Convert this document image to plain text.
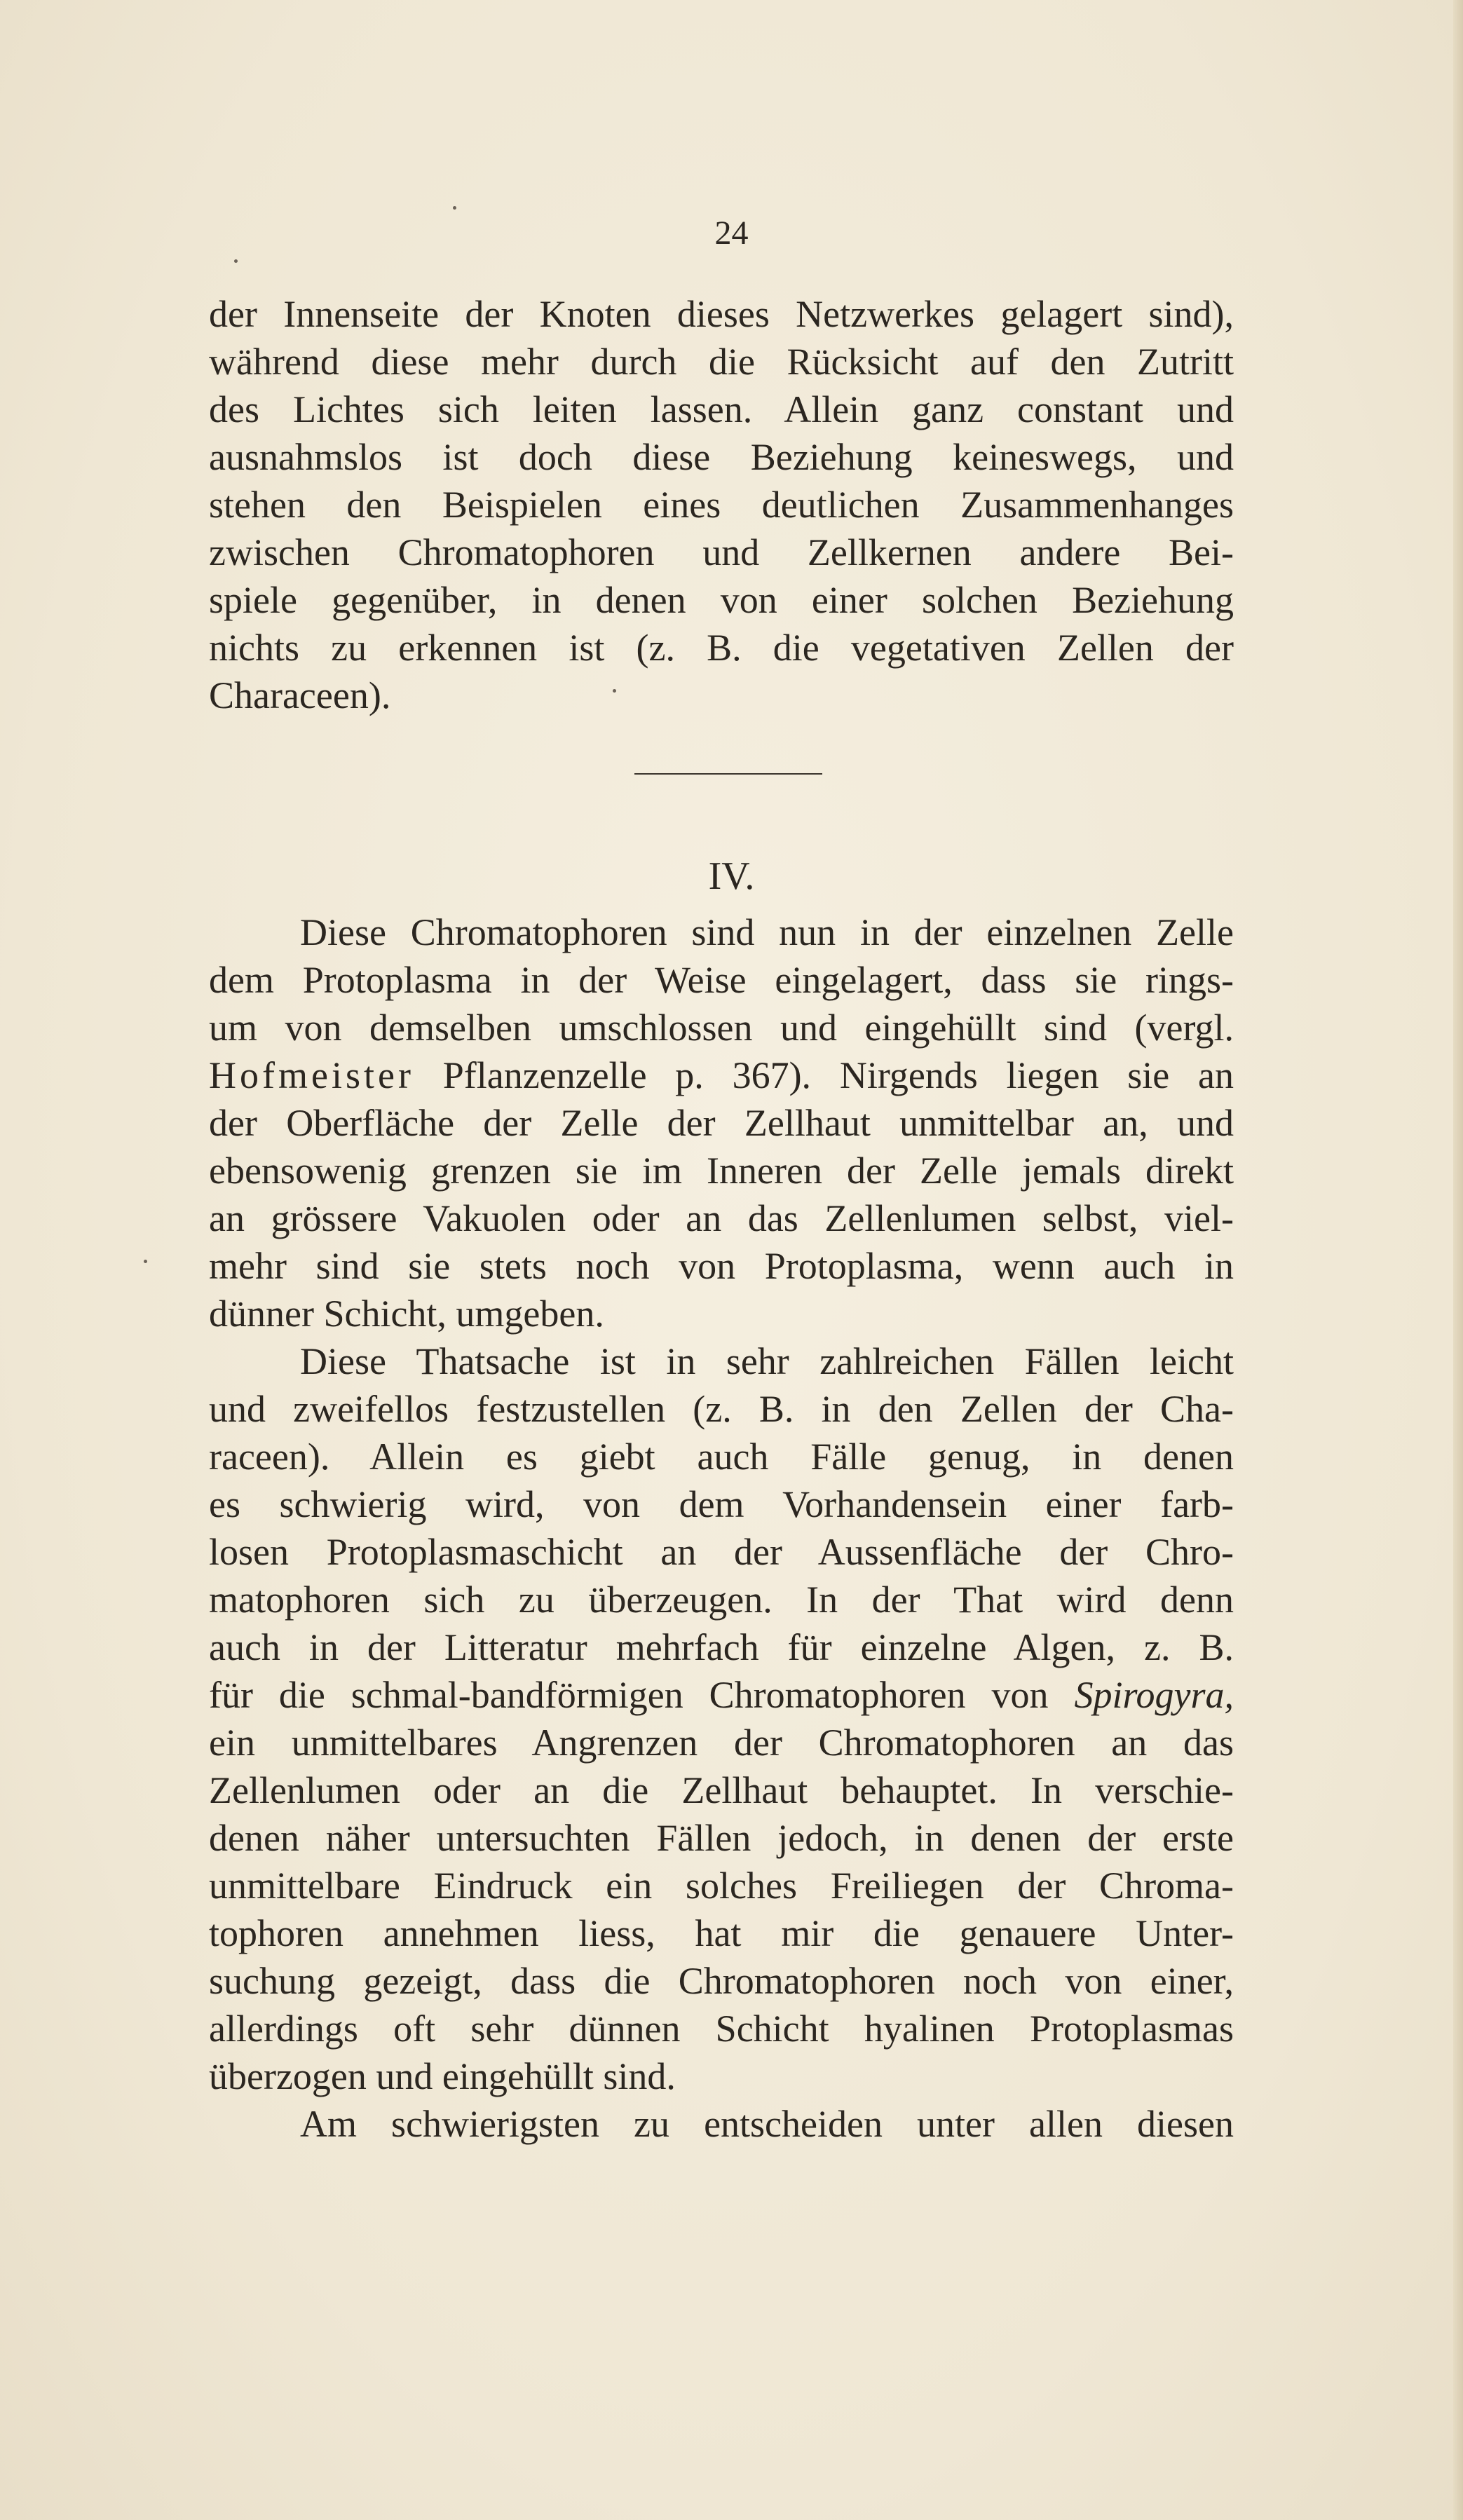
24
der Innenseite der Knoten dieses Netzwerkes gelagert sind),
während diese mehr durch die Rücksicht auf den Zutritt
des Lichtes sich leiten lassen. Allein ganz constant und
ausnahmslos ist doch diese Beziehung keineswegs, und
stehen den Beispielen eines deutlichen Zusammenhanges
zwischen Chromatophoren und Zellkernen andere Bei-
spiele gegenüber, in denen von einer solchen Beziehung
nichts zu erkennen ist (z. B. die vegetativen Zellen der
Characeen).
IV.
Diese Chromatophoren sind nun in der einzelnen Zelle
dem Protoplasma in der Weise eingelagert, dass sie rings-
um von demselben umschlossen und eingehüllt sind (vergl.
Hofmeister Pflanzenzelle p. 367). Nirgends liegen sie an
der Oberfläche der Zelle der Zellhaut unmittelbar an, und
ebensowenig grenzen sie im Inneren der Zelle jemals direkt
an grössere Vakuolen oder an das Zellenlumen selbst, viel-
mehr sind sie stets noch von Protoplasma, wenn auch in
dünner Schicht, umgeben.
Diese Thatsache ist in sehr zahlreichen Fällen leicht
und zweifellos festzustellen (z. B. in den Zellen der Cha-
raceen). Allein es giebt auch Fälle genug, in denen
es schwierig wird, von dem Vorhandensein einer farb-
losen Protoplasmaschicht an der Aussenfläche der Chro-
matophoren sich zu überzeugen. In der That wird denn
auch in der Litteratur mehrfach für einzelne Algen, z. B.
für die schmal-bandförmigen Chromatophoren von Spirogyra,
ein unmittelbares Angrenzen der Chromatophoren an das
Zellenlumen oder an die Zellhaut behauptet. In verschie-
denen näher untersuchten Fällen jedoch, in denen der erste
unmittelbare Eindruck ein solches Freiliegen der Chroma-
tophoren annehmen liess, hat mir die genauere Unter-
suchung gezeigt, dass die Chromatophoren noch von einer,
allerdings oft sehr dünnen Schicht hyalinen Protoplasmas
überzogen und eingehüllt sind.
Am schwierigsten zu entscheiden unter allen diesen
